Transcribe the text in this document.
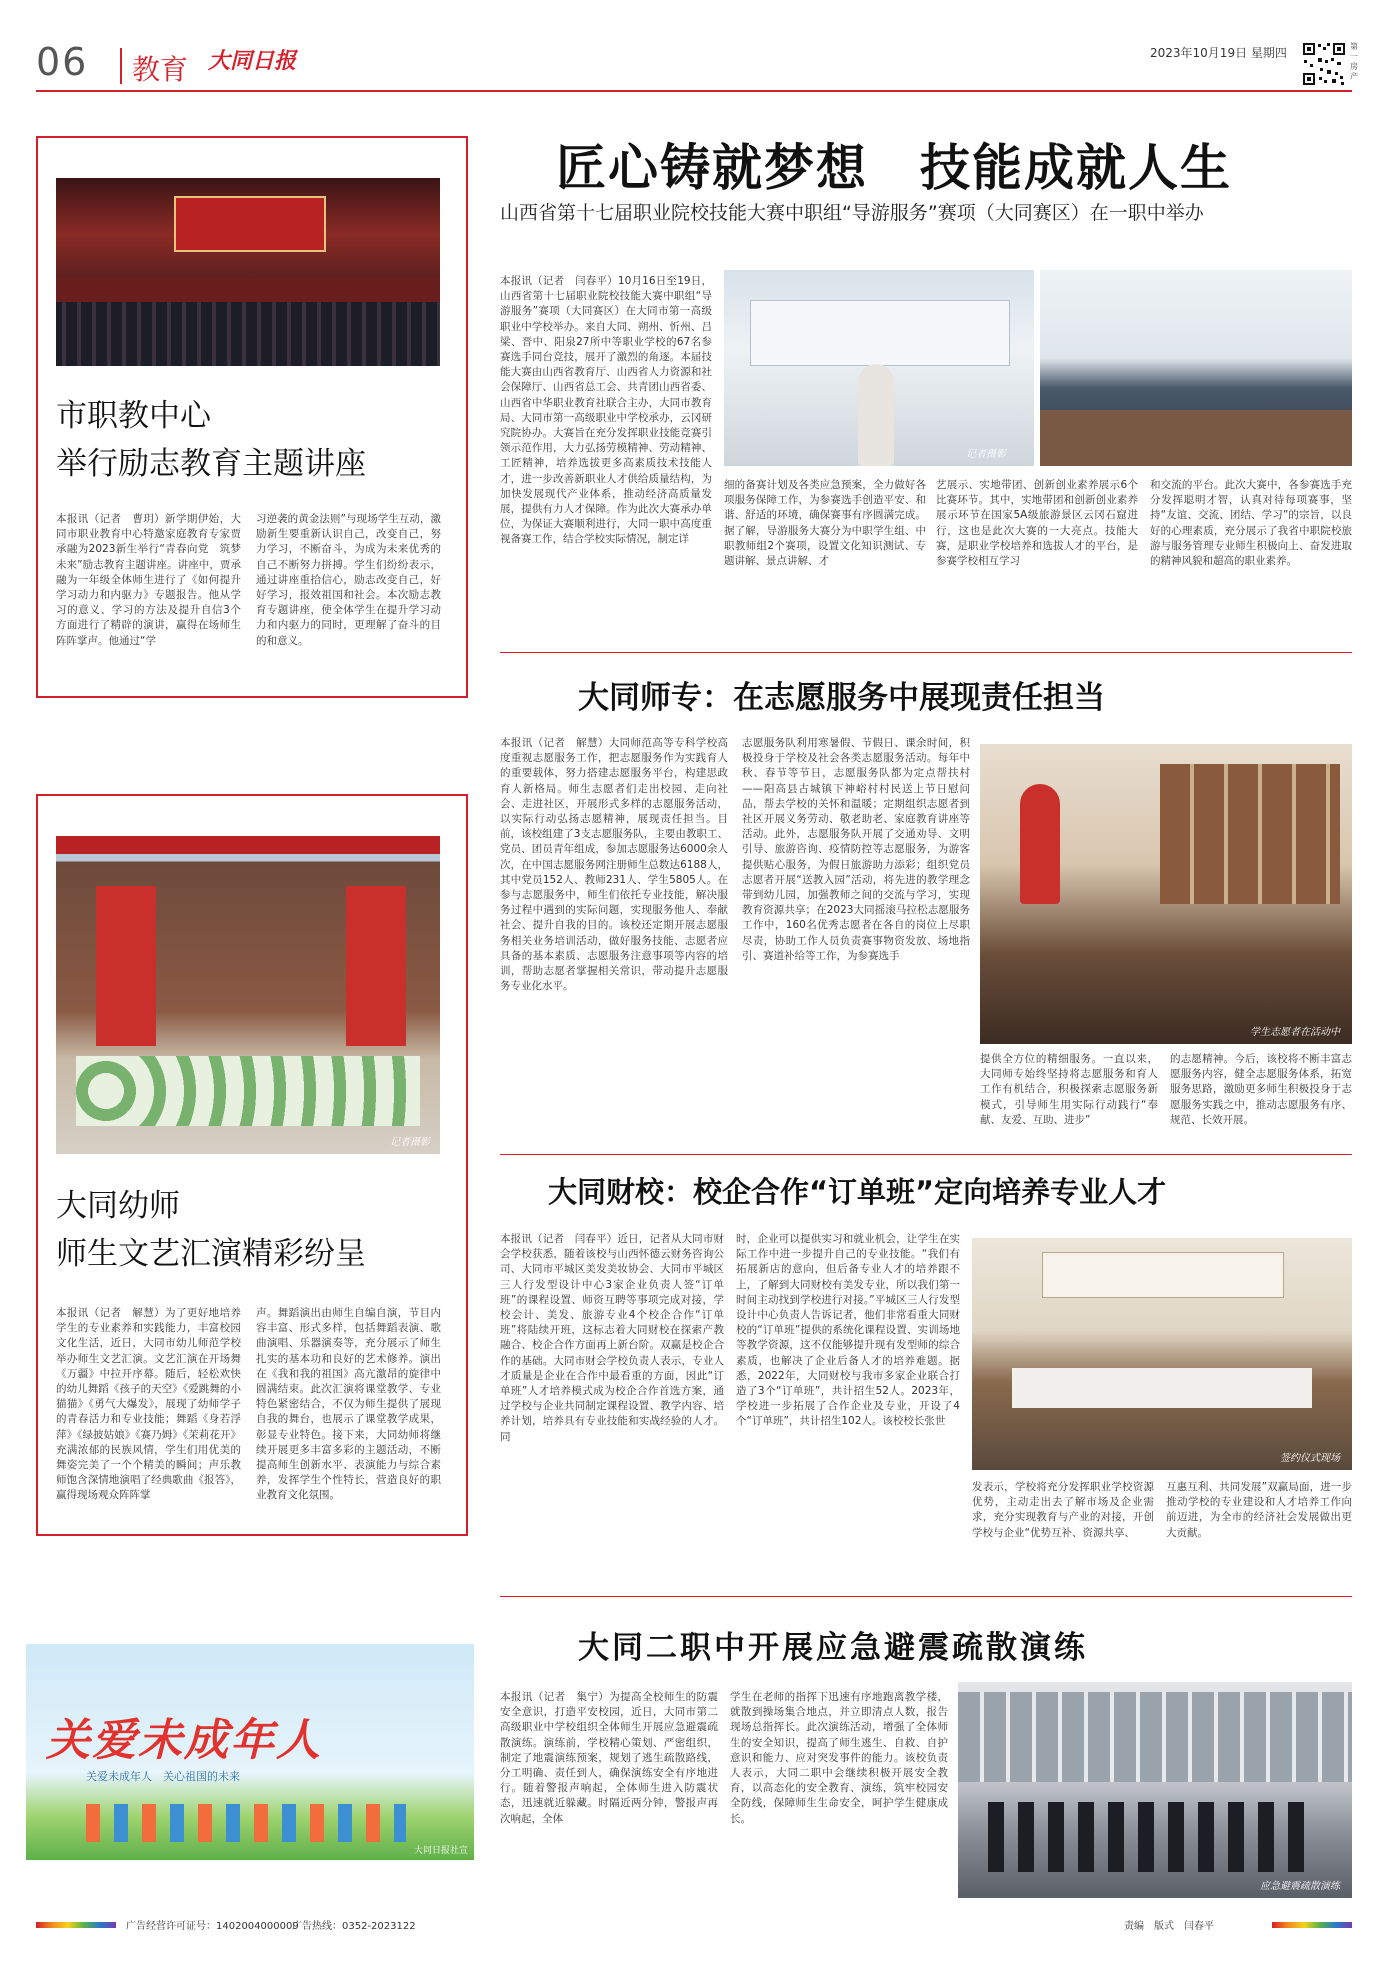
06 教育 大同日报	2023年10月19日 星期四	第一房产
市职教中心
举行励志教育主题讲座
本报讯（记者　曹玥）新学期伊始，大同市职业教育中心特邀家庭教育专家贾承融为2023新生举行“青春向党　筑梦未来”励志教育主题讲座。讲座中，贾承融为一年级全体师生进行了《如何提升学习动力和内驱力》专题报告。他从学习的意义、学习的方法及提升自信3个方面进行了精辟的演讲，赢得在场师生阵阵掌声。他通过“学
习逆袭的黄金法则”与现场学生互动，激励新生要重新认识自己，改变自己，努力学习，不断奋斗，为成为未来优秀的自己不断努力拼搏。学生们纷纷表示，通过讲座重拾信心，励志改变自己，好好学习，报效祖国和社会。本次励志教育专题讲座，使全体学生在提升学习动力和内驱力的同时，更理解了奋斗的目的和意义。
记者摄影
大同幼师
师生文艺汇演精彩纷呈
本报讯（记者　解慧）为了更好地培养学生的专业素养和实践能力，丰富校园文化生活，近日，大同市幼儿师范学校举办师生文艺汇演。文艺汇演在开场舞《万疆》中拉开序幕。随后，轻松欢快的幼儿舞蹈《孩子的天空》《爱跳舞的小猫猫》《勇气大爆发》，展现了幼师学子的青春活力和专业技能；舞蹈《身若浮萍》《绿披姑娘》《赛乃姆》《茉莉花开》充满浓郁的民族风情，学生们用优美的舞姿完美了一个个精美的瞬间；声乐教师饱含深情地演唱了经典歌曲《报答》，赢得现场观众阵阵掌
声。舞蹈演出由师生自编自演，节目内容丰富、形式多样，包括舞蹈表演、歌曲演唱、乐器演奏等，充分展示了师生扎实的基本功和良好的艺术修养。演出在《我和我的祖国》高亢激昂的旋律中圆满结束。此次汇演将课堂教学、专业特色紧密结合，不仅为师生提供了展现自我的舞台，也展示了课堂教学成果，彰显专业特色。接下来，大同幼师将继续开展更多丰富多彩的主题活动，不断提高师生创新水平、表演能力与综合素养，发挥学生个性特长，营造良好的职业教育文化氛围。
关爱未成年人
关爱未成年人　关心祖国的未来
大同日报社宣
匠心铸就梦想　技能成就人生
山西省第十七届职业院校技能大赛中职组“导游服务”赛项（大同赛区）在一职中举办
本报讯（记者　闫春平）10月16日至19日，山西省第十七届职业院校技能大赛中职组“导游服务”赛项（大同赛区）在大同市第一高级职业中学校举办。来自大同、朔州、忻州、吕梁、晋中、阳泉27所中等职业学校的67名参赛选手同台竞技，展开了激烈的角逐。本届技能大赛由山西省教育厅、山西省人力资源和社会保障厅、山西省总工会、共青团山西省委、山西省中华职业教育社联合主办，大同市教育局、大同市第一高级职业中学校承办，云冈研究院协办。大赛旨在充分发挥职业技能竞赛引领示范作用，大力弘扬劳模精神、劳动精神、工匠精神，培养选拔更多高素质技术技能人才，进一步改善新职业人才供给质量结构，为加快发展现代产业体系，推动经济高质量发展，提供有力人才保障。作为此次大赛承办单位，为保证大赛顺利进行，大同一职中高度重视备赛工作，结合学校实际情况，制定详
记者摄影
细的备赛计划及各类应急预案，全力做好各项服务保障工作，为参赛选手创造平安、和谐、舒适的环境，确保赛事有序圆满完成。据了解，导游服务大赛分为中职学生组、中职教师组2个赛项，设置文化知识测试、专题讲解、景点讲解、才
艺展示、实地带团、创新创业素养展示6个比赛环节。其中，实地带团和创新创业素养展示环节在国家5A级旅游景区云冈石窟进行，这也是此次大赛的一大亮点。技能大赛，是职业学校培养和选拔人才的平台，是参赛学校相互学习
和交流的平台。此次大赛中，各参赛选手充分发挥聪明才智，认真对待每项赛事，坚持“友谊、交流、团结、学习”的宗旨，以良好的心理素质，充分展示了我省中职院校旅游与服务管理专业师生积极向上、奋发进取的精神风貌和超高的职业素养。
大同师专：在志愿服务中展现责任担当
本报讯（记者　解慧）大同师范高等专科学校高度重视志愿服务工作，把志愿服务作为实践育人的重要载体，努力搭建志愿服务平台，构建思政育人新格局。师生志愿者们走出校园、走向社会、走进社区，开展形式多样的志愿服务活动，以实际行动弘扬志愿精神，展现责任担当。目前，该校组建了3支志愿服务队，主要由教职工、党员、团员青年组成，参加志愿服务达6000余人次，在中国志愿服务网注册师生总数达6188人，其中党员152人、教师231人、学生5805人。在参与志愿服务中，师生们依托专业技能，解决服务过程中遇到的实际问题，实现服务他人、奉献社会、提升自我的目的。该校还定期开展志愿服务相关业务培训活动，做好服务技能、志愿者应具备的基本素质、志愿服务注意事项等内容的培训，帮助志愿者掌握相关常识，带动提升志愿服务专业化水平。
志愿服务队利用寒暑假、节假日、课余时间，积极投身于学校及社会各类志愿服务活动。每年中秋、春节等节日，志愿服务队都为定点帮扶村——阳高县古城镇下神峪村村民送上节日慰问品，帮去学校的关怀和温暖；定期组织志愿者到社区开展义务劳动、敬老助老、家庭教育讲座等活动。此外，志愿服务队开展了交通劝导、文明引导、旅游咨询、疫情防控等志愿服务，为游客提供贴心服务，为假日旅游助力添彩；组织党员志愿者开展“送教入园”活动，将先进的教学理念带到幼儿园，加强教师之间的交流与学习，实现教育资源共享；在2023大同摇滚马拉松志愿服务工作中，160名优秀志愿者在各自的岗位上尽职尽责，协助工作人员负责赛事物资发放、场地指引、赛道补给等工作，为参赛选手
学生志愿者在活动中
提供全方位的精细服务。一直以来，大同师专始终坚持将志愿服务和育人工作有机结合，积极探索志愿服务新模式，引导师生用实际行动践行“奉献、友爱、互助、进步”
的志愿精神。今后，该校将不断丰富志愿服务内容，健全志愿服务体系，拓宽服务思路，激励更多师生积极投身于志愿服务实践之中，推动志愿服务有序、规范、长效开展。
大同财校：校企合作“订单班”定向培养专业人才
本报讯（记者　闫春平）近日，记者从大同市财会学校获悉，随着该校与山西怀德云财务咨询公司、大同市平城区美发美妆协会、大同市平城区三人行发型设计中心3家企业负责人签“订单班”的课程设置、师资互聘等事项完成对接，学校会计、美发、旅游专业4个校企合作“订单班”将陆续开班，这标志着大同财校在探索产教融合、校企合作方面再上新台阶。双赢是校企合作的基础。大同市财会学校负责人表示，专业人才质量是企业在合作中最看重的方面，因此“订单班”人才培养模式成为校企合作首选方案，通过学校与企业共同制定课程设置、教学内容、培养计划，培养具有专业技能和实战经验的人才。同
时，企业可以提供实习和就业机会，让学生在实际工作中进一步提升自己的专业技能。“我们有拓展新店的意向，但后备专业人才的培养跟不上，了解到大同财校有美发专业，所以我们第一时间主动找到学校进行对接。”平城区三人行发型设计中心负责人告诉记者，他们非常看重大同财校的“订单班”提供的系统化课程设置、实训场地等教学资源，这不仅能够提升现有发型师的综合素质，也解决了企业后备人才的培养难题。据悉，2022年，大同财校与我市多家企业联合打造了3个“订单班”，共计招生52人。2023年，学校进一步拓展了合作企业及专业，开设了4个“订单班”，共计招生102人。该校校长张世
签约仪式现场
发表示，学校将充分发挥职业学校资源优势，主动走出去了解市场及企业需求，充分实现教育与产业的对接，开创学校与企业“优势互补、资源共享、
互惠互利、共同发展”双赢局面，进一步推动学校的专业建设和人才培养工作向前迈进，为全市的经济社会发展做出更大贡献。
大同二职中开展应急避震疏散演练
本报讯（记者　集宁）为提高全校师生的防震安全意识，打造平安校园，近日，大同市第二高级职业中学校组织全体师生开展应急避震疏散演练。演练前，学校精心策划、严密组织，制定了地震演练预案，规划了逃生疏散路线，分工明确、责任到人，确保演练安全有序地进行。随着警报声响起，全体师生进入防震状态，迅速就近躲藏。时隔近两分钟，警报声再次响起，全体
学生在老师的指挥下迅速有序地跑离教学楼，就散到操场集合地点，并立即清点人数，报告现场总指挥长。此次演练活动，增强了全体师生的安全知识，提高了师生逃生、自救、自护意识和能力、应对突发事件的能力。该校负责人表示，大同二职中会继续积极开展安全教育，以高态化的安全教育、演练，筑牢校园安全防线，保障师生生命安全，呵护学生健康成长。
应急避震疏散演练
广告经营许可证号：1402004000009
广告热线：0352-2023122	责编　版式　闫春平
